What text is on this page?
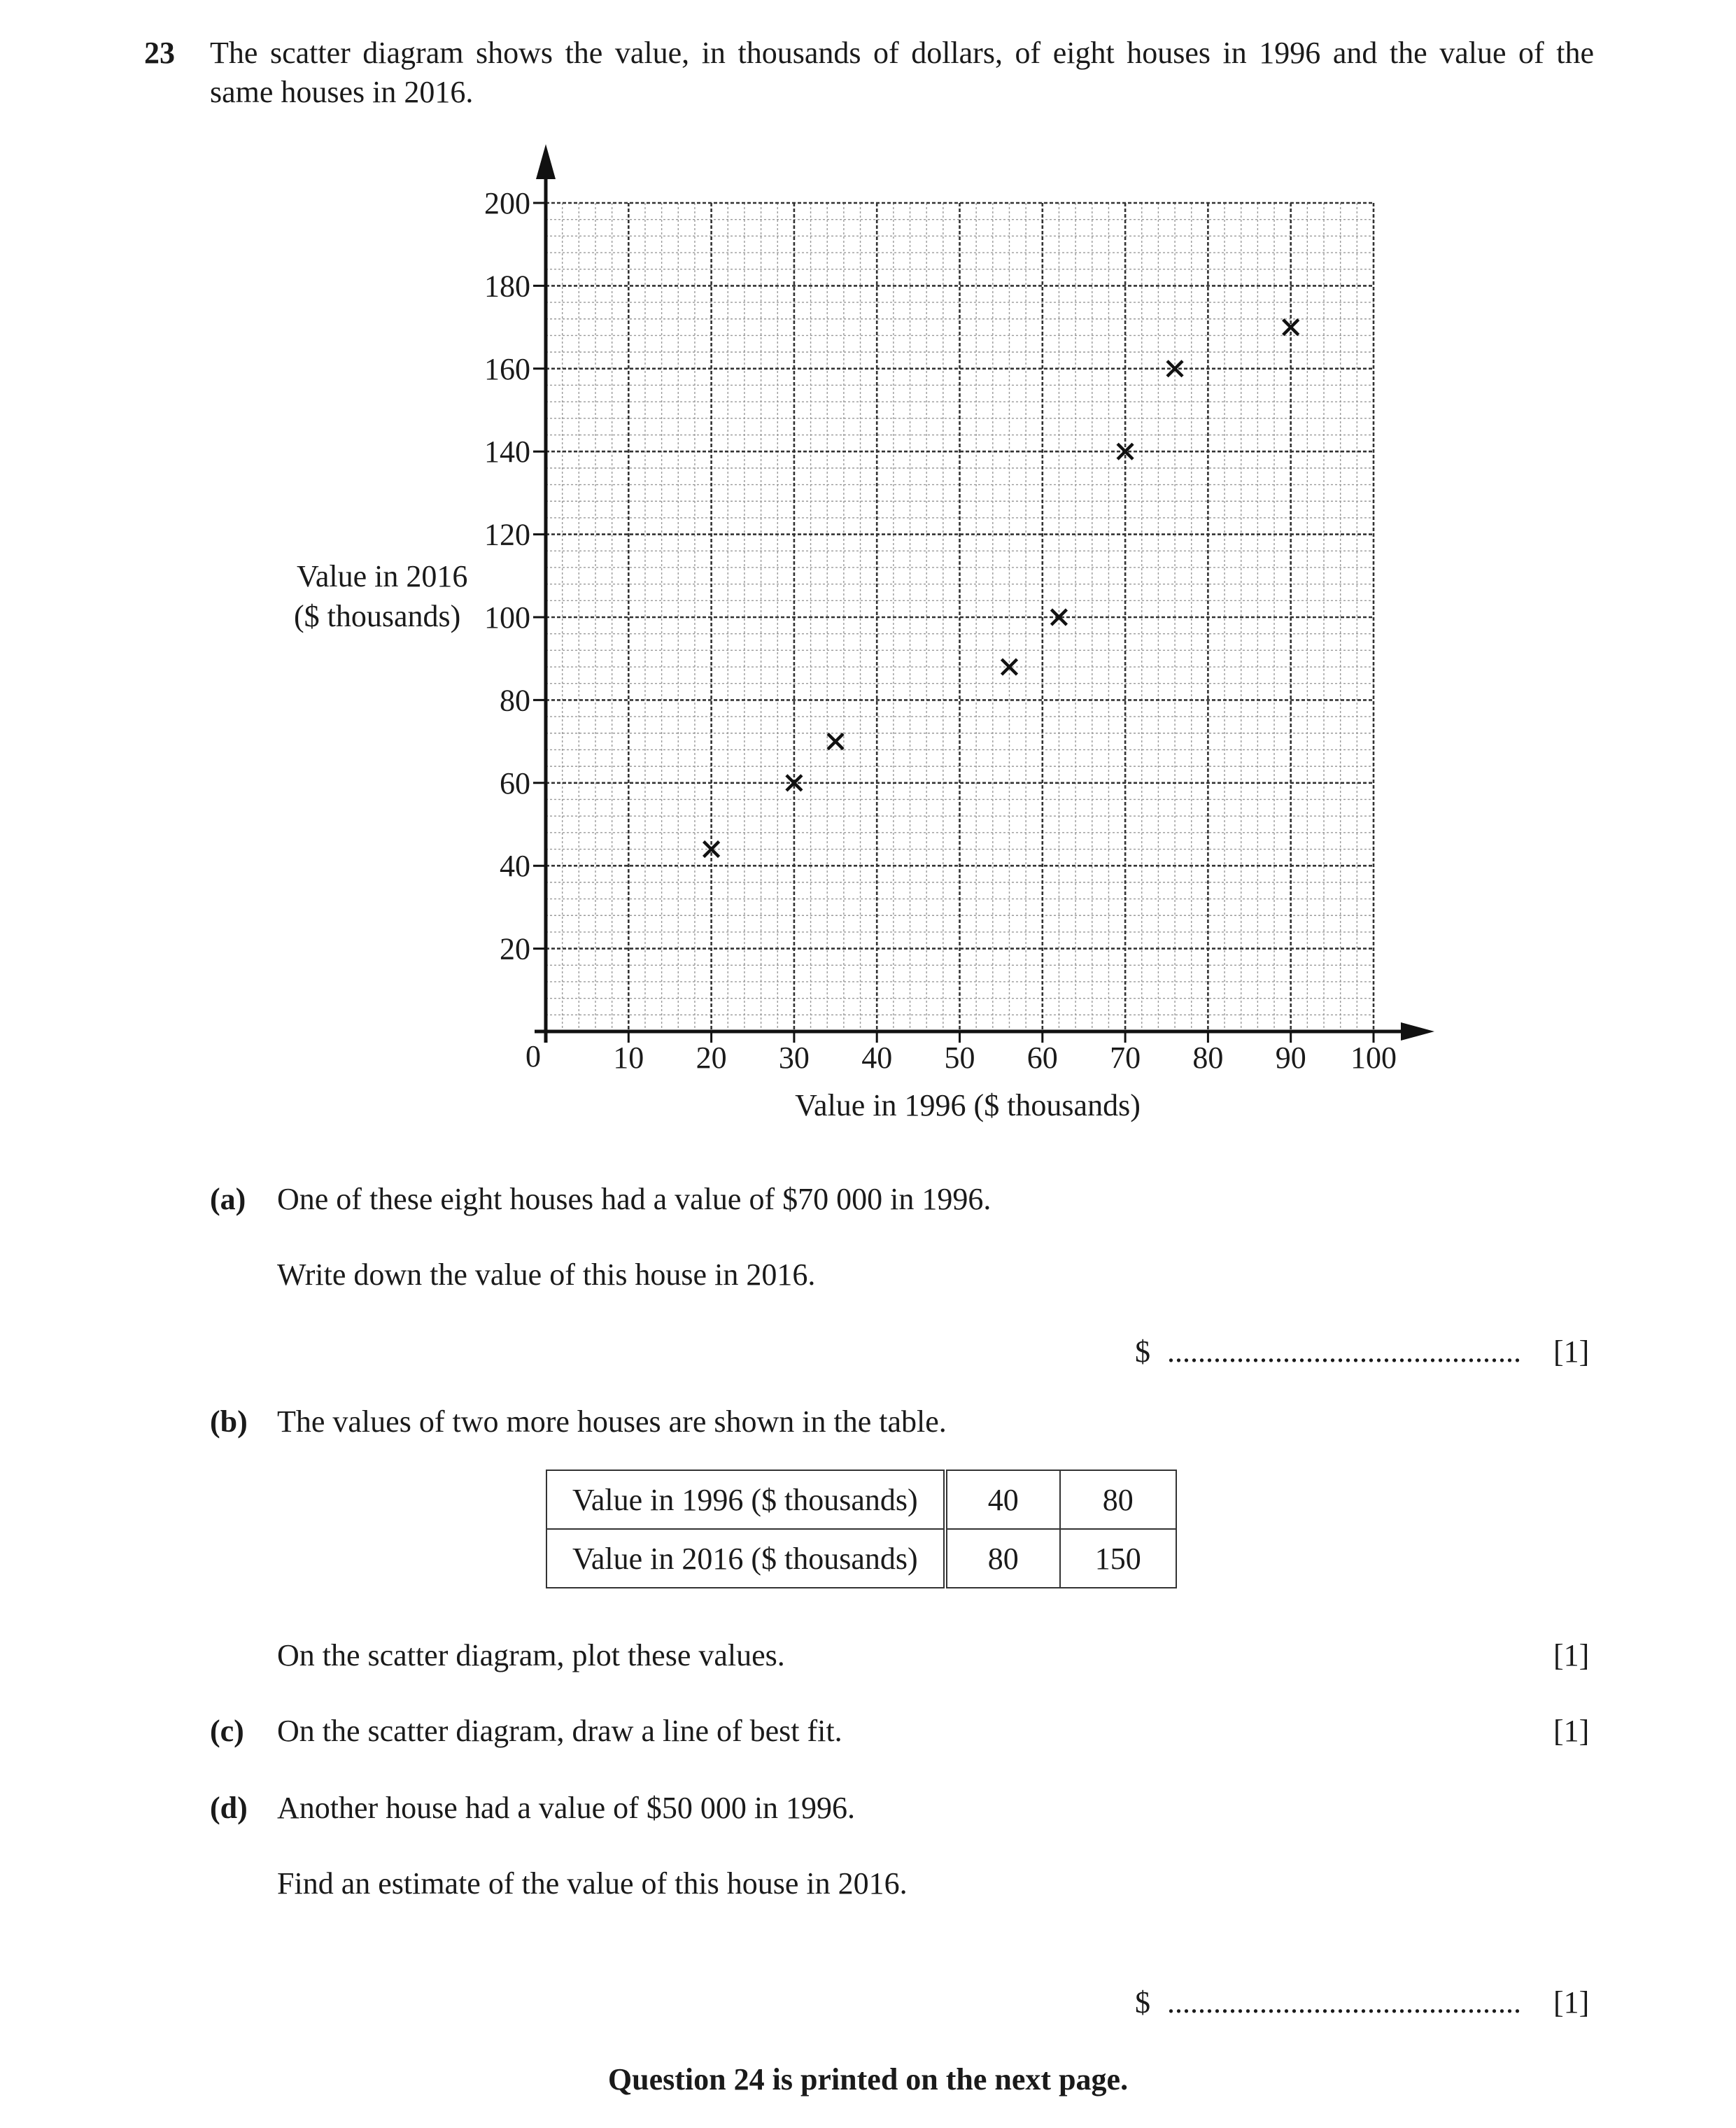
23 The scatter diagram shows the value, in thousands of dollars, of eight houses in 1996 and the value of the
same houses in 2016.
10 20 30 40 50 60 70 80 90 100
20
40
60
80
100
120
140
160
180
200
Value in 2016
($ thousands)
Value in 1996 ($ thousands)
0
(a)	One of these eight houses had a value of $70 000 in 1996.
Write down the value of this house in 2016.
$ ..............................................	[1]
(b) The values of two more houses are shown in the table.
Value in 1996 ($ thousands)	40	80
Value in 2016 ($ thousands)	80	150
On the scatter diagram, plot these values.	[1]
(c)	On the scatter diagram, draw a line of best fit.	[1]
(d) Another house had a value of $50 000 in 1996.
Find an estimate of the value of this house in 2016.
$ ..............................................	[1]
Question 24 is printed on the next page.
